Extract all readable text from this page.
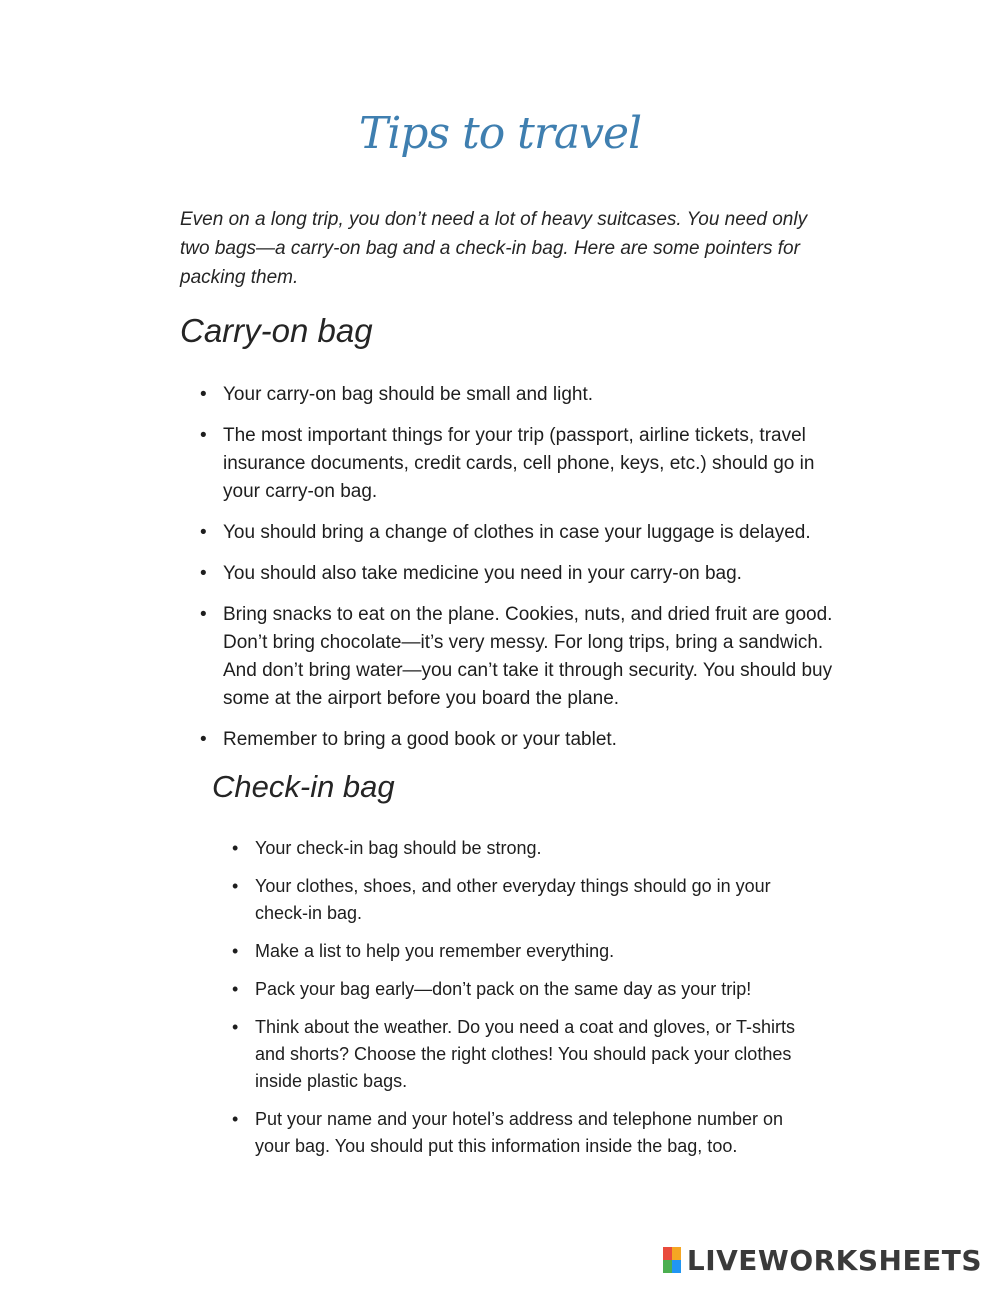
Tips to travel
Even on a long trip, you don’t need a lot of heavy suitcases. You need only two bags—a carry-on bag and a check-in bag. Here are some pointers for packing them.
Carry-on bag
• Your carry-on bag should be small and light.
• The most important things for your trip (passport, airline tickets, travel insurance documents, credit cards, cell phone, keys, etc.) should go in your carry-on bag.
• You should bring a change of clothes in case your luggage is delayed.
• You should also take medicine you need in your carry-on bag.
• Bring snacks to eat on the plane. Cookies, nuts, and dried fruit are good. Don’t bring chocolate—it’s very messy. For long trips, bring a sandwich. And don’t bring water—you can’t take it through security. You should buy some at the airport before you board the plane.
• Remember to bring a good book or your tablet.
Check-in bag
• Your check-in bag should be strong.
• Your clothes, shoes, and other everyday things should go in your check-in bag.
• Make a list to help you remember everything.
• Pack your bag early—don’t pack on the same day as your trip!
• Think about the weather. Do you need a coat and gloves, or T-shirts and shorts? Choose the right clothes! You should pack your clothes inside plastic bags.
• Put your name and your hotel’s address and telephone number on your bag. You should put this information inside the bag, too.
LIVEWORKSHEETS
